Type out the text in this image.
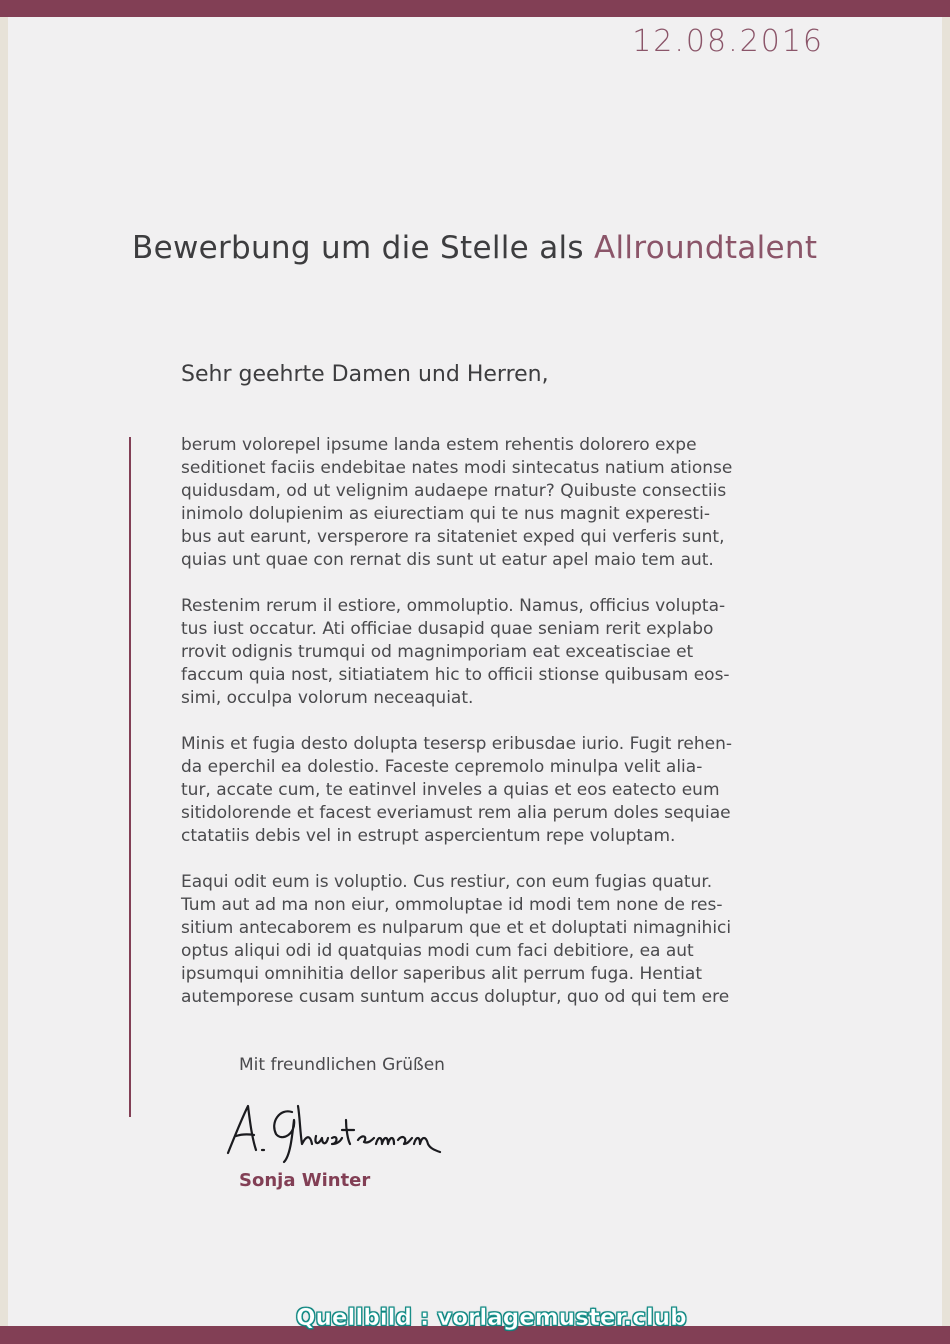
12.08.2016
Bewerbung um die Stelle als Allroundtalent
Sehr geehrte Damen und Herren,

berum volorepel ipsume landa estem rehentis dolorero expe
seditionet faciis endebitae nates modi sintecatus natium ationse
quidusdam, od ut velignim audaepe rnatur? Quibuste consectiis
inimolo dolupienim as eiurectiam qui te nus magnit experesti-
bus aut earunt, versperore ra sitateniet exped qui verferis sunt,
quias unt quae con rernat dis sunt ut eatur apel maio tem aut.

Restenim rerum il estiore, ommoluptio. Namus, officius volupta-
tus iust occatur. Ati officiae dusapid quae seniam rerit explabo
rrovit odignis trumqui od magnimporiam eat exceatisciae et
faccum quia nost, sitiatiatem hic to officii stionse quibusam eos-
simi, occulpa volorum neceaquiat.

Minis et fugia desto dolupta tesersp eribusdae iurio. Fugit rehen-
da eperchil ea dolestio. Faceste cepremolo minulpa velit alia-
tur, accate cum, te eatinvel inveles a quias et eos eatecto eum
sitidolorende et facest everiamust rem alia perum doles sequiae
ctatatiis debis vel in estrupt aspercientum repe voluptam.

Eaqui odit eum is voluptio. Cus restiur, con eum fugias quatur.
Tum aut ad ma non eiur, ommoluptae id modi tem none de res-
sitium antecaborem es nulparum que et et doluptati nimagnihici
optus aliqui odi id quatquias modi cum faci debitiore, ea aut
ipsumqui omnihitia dellor saperibus alit perrum fuga. Hentiat
autemporese cusam suntum accus doluptur, quo od qui tem ere

Mit freundlichen Grüßen
Sonja Winter
Quellbild : vorlagemuster.club
